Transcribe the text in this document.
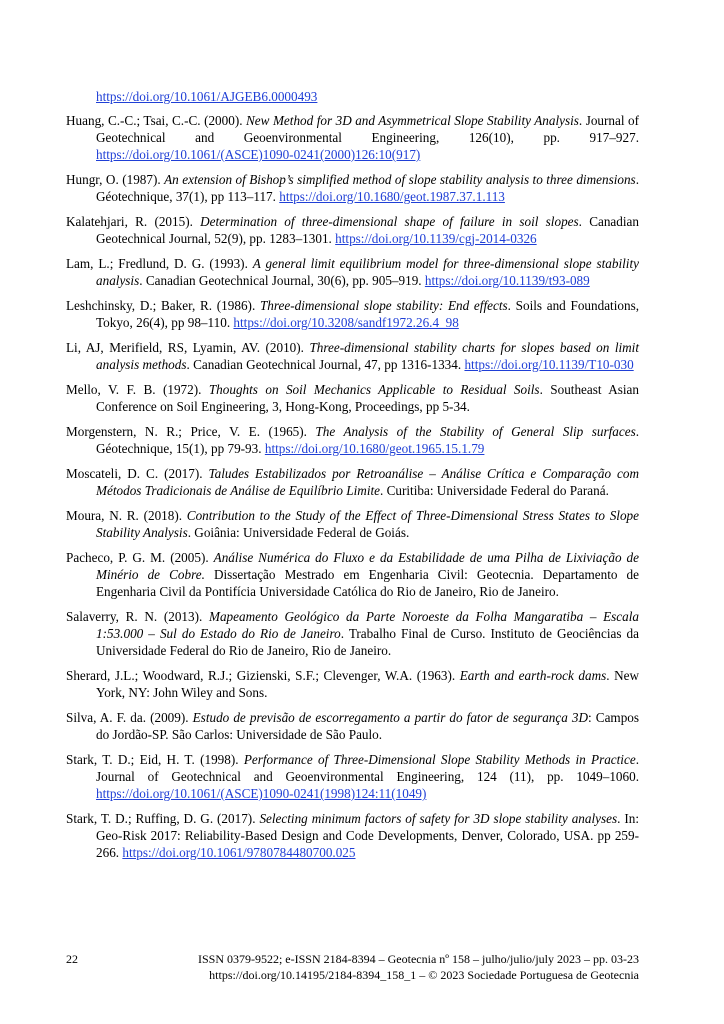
https://doi.org/10.1061/AJGEB6.0000493
Huang, C.-C.; Tsai, C.-C. (2000). New Method for 3D and Asymmetrical Slope Stability Analysis. Journal of Geotechnical and Geoenvironmental Engineering, 126(10), pp. 917–927. https://doi.org/10.1061/(ASCE)1090-0241(2000)126:10(917)
Hungr, O. (1987). An extension of Bishop’s simplified method of slope stability analysis to three dimensions. Géotechnique, 37(1), pp 113–117. https://doi.org/10.1680/geot.1987.37.1.113
Kalatehjari, R. (2015). Determination of three-dimensional shape of failure in soil slopes. Canadian Geotechnical Journal, 52(9), pp. 1283–1301. https://doi.org/10.1139/cgj-2014-0326
Lam, L.; Fredlund, D. G. (1993). A general limit equilibrium model for three-dimensional slope stability analysis. Canadian Geotechnical Journal, 30(6), pp. 905–919. https://doi.org/10.1139/t93-089
Leshchinsky, D.; Baker, R. (1986). Three-dimensional slope stability: End effects. Soils and Foundations, Tokyo, 26(4), pp 98–110. https://doi.org/10.3208/sandf1972.26.4_98
Li, AJ, Merifield, RS, Lyamin, AV. (2010). Three-dimensional stability charts for slopes based on limit analysis methods. Canadian Geotechnical Journal, 47, pp 1316-1334. https://doi.org/10.1139/T10-030
Mello, V. F. B. (1972). Thoughts on Soil Mechanics Applicable to Residual Soils. Southeast Asian Conference on Soil Engineering, 3, Hong-Kong, Proceedings, pp 5-34.
Morgenstern, N. R.; Price, V. E. (1965). The Analysis of the Stability of General Slip surfaces. Géotechnique, 15(1), pp 79-93. https://doi.org/10.1680/geot.1965.15.1.79
Moscateli, D. C. (2017). Taludes Estabilizados por Retroanálise – Análise Crítica e Comparação com Métodos Tradicionais de Análise de Equilíbrio Limite. Curitiba: Universidade Federal do Paraná.
Moura, N. R. (2018). Contribution to the Study of the Effect of Three-Dimensional Stress States to Slope Stability Analysis. Goiânia: Universidade Federal de Goiás.
Pacheco, P. G. M. (2005). Análise Numérica do Fluxo e da Estabilidade de uma Pilha de Lixiviação de Minério de Cobre. Dissertação Mestrado em Engenharia Civil: Geotecnia. Departamento de Engenharia Civil da Pontifícia Universidade Católica do Rio de Janeiro, Rio de Janeiro.
Salaverry, R. N. (2013). Mapeamento Geológico da Parte Noroeste da Folha Mangaratiba – Escala 1:53.000 – Sul do Estado do Rio de Janeiro. Trabalho Final de Curso. Instituto de Geociências da Universidade Federal do Rio de Janeiro, Rio de Janeiro.
Sherard, J.L.; Woodward, R.J.; Gizienski, S.F.; Clevenger, W.A. (1963). Earth and earth-rock dams. New York, NY: John Wiley and Sons.
Silva, A. F. da. (2009). Estudo de previsão de escorregamento a partir do fator de segurança 3D: Campos do Jordão-SP. São Carlos: Universidade de São Paulo.
Stark, T. D.; Eid, H. T. (1998). Performance of Three-Dimensional Slope Stability Methods in Practice. Journal of Geotechnical and Geoenvironmental Engineering, 124 (11), pp. 1049–1060. https://doi.org/10.1061/(ASCE)1090-0241(1998)124:11(1049)
Stark, T. D.; Ruffing, D. G. (2017). Selecting minimum factors of safety for 3D slope stability analyses. In: Geo-Risk 2017: Reliability-Based Design and Code Developments, Denver, Colorado, USA. pp 259-266. https://doi.org/10.1061/9780784480700.025
22	ISSN 0379-9522; e-ISSN 2184-8394 – Geotecnia nº 158 – julho/julio/july 2023 – pp. 03-23
https://doi.org/10.14195/2184-8394_158_1 – © 2023 Sociedade Portuguesa de Geotecnia
